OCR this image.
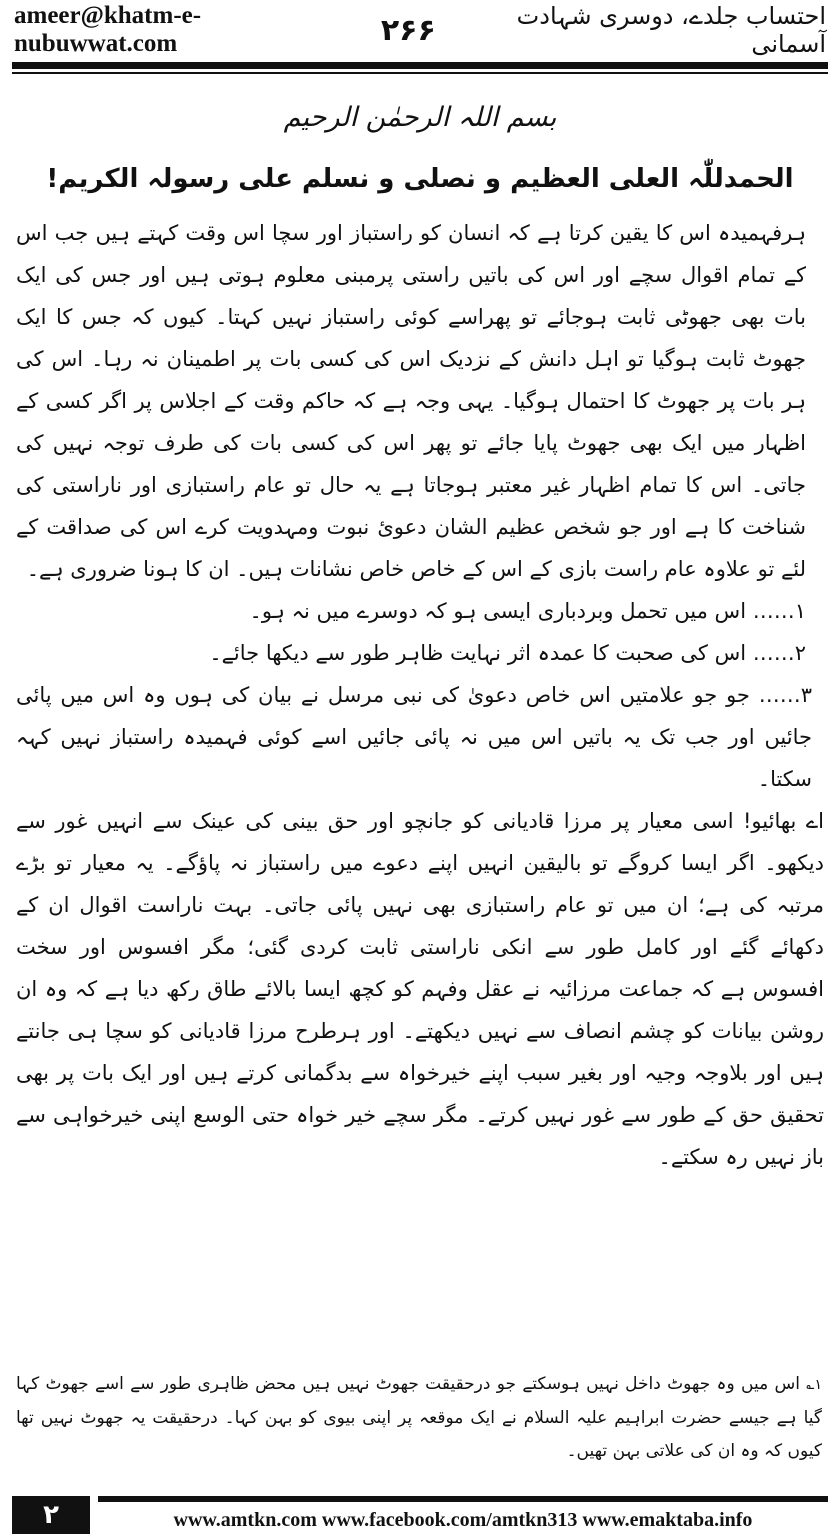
ameer@khatm-e-nubuwwat.com	۲۶۶	احتساب جلدے، دوسری شہادت آسمانی
بسم اللہ الرحمٰن الرحیم
الحمدللّٰہ العلی العظیم و نصلی و نسلم علی رسولہ الکریم!

ہرفہمیدہ اس کا یقین کرتا ہے کہ انسان کو راستباز اور سچا اس وقت کہتے ہیں جب اس کے تمام اقوال سچے اور اس کی باتیں راستی پرمبنی معلوم ہوتی ہیں اور جس کی ایک بات بھی جھوٹی ثابت ہوجائے تو پھراسے کوئی راستباز نہیں کہتا۔ کیوں کہ جس کا ایک جھوٹ ثابت ہوگیا تو اہل دانش کے نزدیک اس کی کسی بات پر اطمینان نہ رہا۔ اس کی ہر بات پر جھوٹ کا احتمال ہوگیا۔ یہی وجہ ہے کہ حاکم وقت کے اجلاس پر اگر کسی کے اظہار میں ایک بھی جھوٹ پایا جائے تو پھر اس کی کسی بات کی طرف توجہ نہیں کی جاتی۔ اس کا تمام اظہار غیر معتبر ہوجاتا ہے یہ حال تو عام راستبازی اور ناراستی کی شناخت کا ہے اور جو شخص عظیم الشان دعوئ نبوت ومہدویت کرے اس کی صداقت کے لئے تو علاوہ عام راست بازی کے اس کے خاص خاص نشانات ہیں۔ ان کا ہونا ضروری ہے۔

۱…… اس میں تحمل وبردباری ایسی ہو کہ دوسرے میں نہ ہو۔

۲…… اس کی صحبت کا عمدہ اثر نہایت ظاہر طور سے دیکھا جائے۔

۳…… جو جو علامتیں اس خاص دعویٰ کی نبی مرسل نے بیان کی ہوں وہ اس میں پائی جائیں اور جب تک یہ باتیں اس میں نہ پائی جائیں اسے کوئی فہمیدہ راستباز نہیں کہہ سکتا۔

اے بھائیو! اسی معیار پر مرزا قادیانی کو جانچو اور حق بینی کی عینک سے انہیں غور سے دیکھو۔ اگر ایسا کروگے تو بالیقین انہیں اپنے دعوے میں راستباز نہ پاؤگے۔ یہ معیار تو بڑے مرتبہ کی ہے؛ ان میں تو عام راستبازی بھی نہیں پائی جاتی۔ بہت ناراست اقوال ان کے دکھائے گئے اور کامل طور سے انکی ناراستی ثابت کردی گئی؛ مگر افسوس اور سخت افسوس ہے کہ جماعت مرزائیہ نے عقل وفہم کو کچھ ایسا بالائے طاق رکھ دیا ہے کہ وہ ان روشن بیانات کو چشم انصاف سے نہیں دیکھتے۔ اور ہرطرح مرزا قادیانی کو سچا ہی جانتے ہیں اور بلاوجہ وجیہ اور بغیر سبب اپنے خیرخواہ سے بدگمانی کرتے ہیں اور ایک بات پر بھی تحقیق حق کے طور سے غور نہیں کرتے۔ مگر سچے خیر خواہ حتی الوسع اپنی خیرخواہی سے باز نہیں رہ سکتے۔

۱؎ اس میں وہ جھوٹ داخل نہیں ہوسکتے جو درحقیقت جھوٹ نہیں ہیں محض ظاہری طور سے اسے جھوٹ کہا گیا ہے جیسے حضرت ابراہیم علیہ السلام نے ایک موقعہ پر اپنی بیوی کو بہن کہا۔ درحقیقت یہ جھوٹ نہیں تھا کیوں کہ وہ ان کی علاتی بہن تھیں۔
۲	www.amtkn.com www.facebook.com/amtkn313 www.emaktaba.info
